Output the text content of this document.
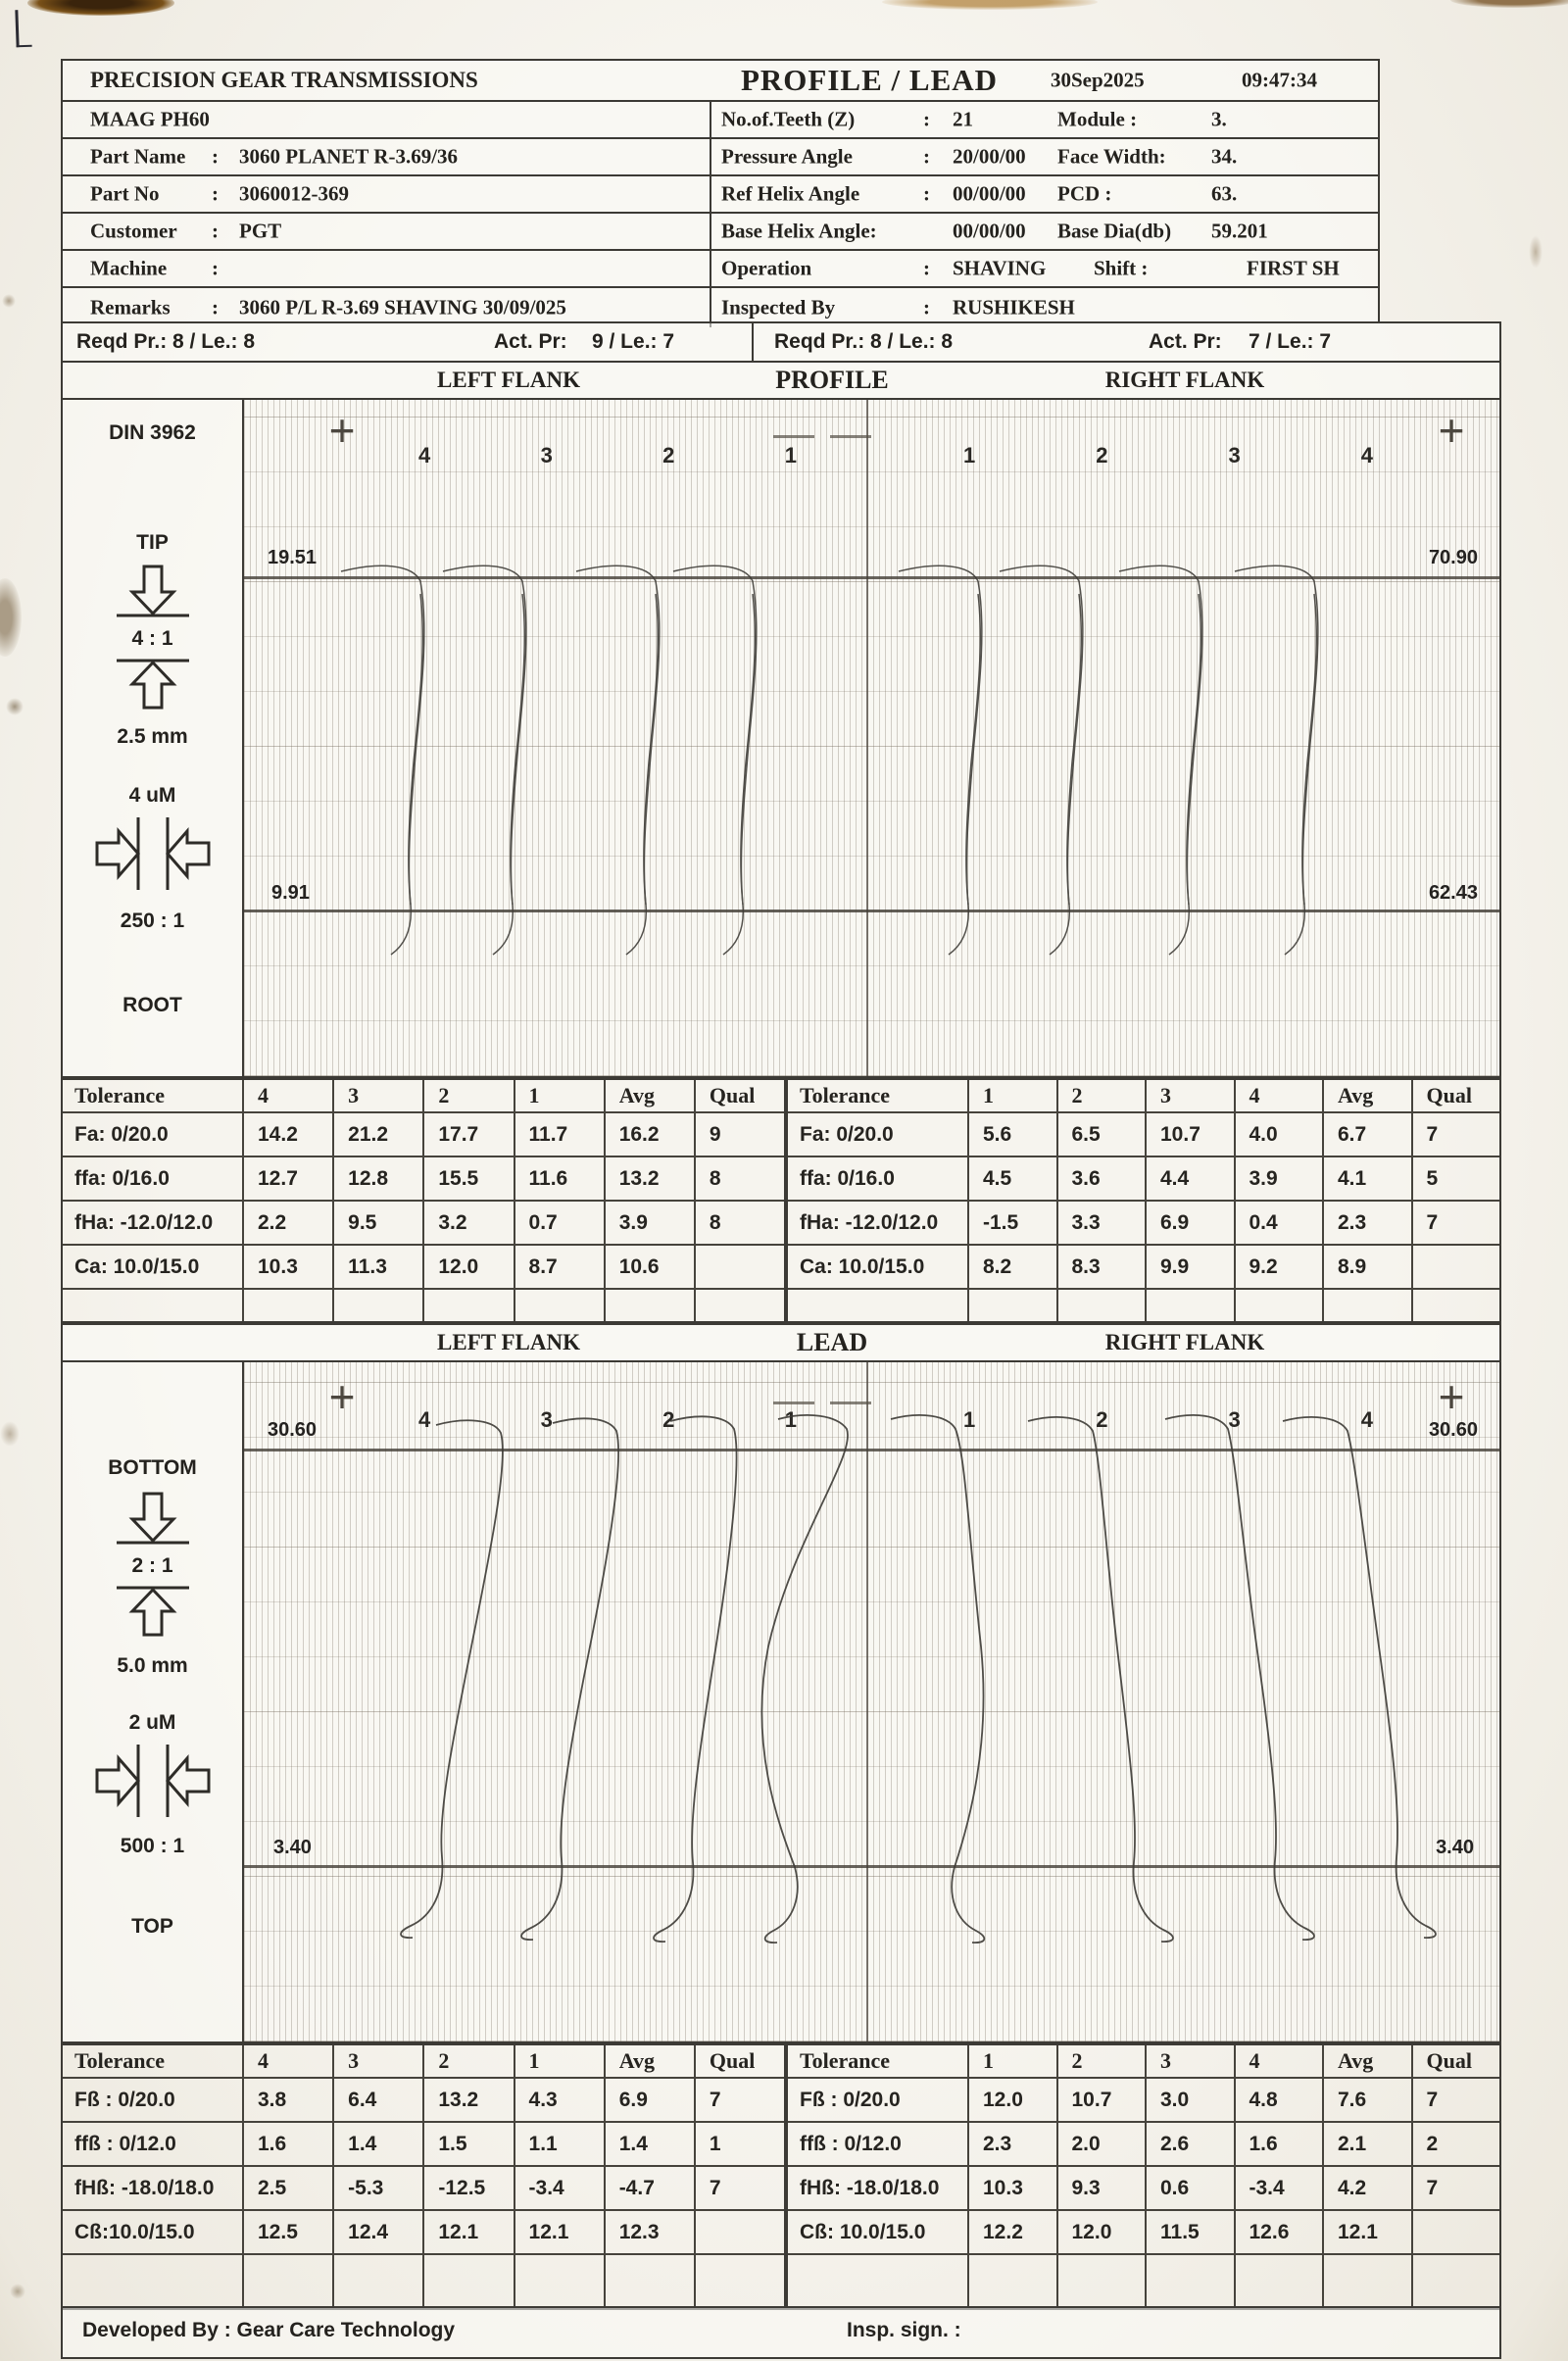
PRECISION GEAR TRANSMISSIONS	PROFILE / LEAD	30Sep2025	09:47:34
MAAG PH60	No.of.Teeth (Z)	: 21	Module :	3.
Part Name : 3060 PLANET R-3.69/36	Pressure Angle	: 20/00/00 Face Width: 34.
Part No	: 3060012-369	Ref Helix Angle	: 00/00/00 PCD :	63.
Customer : PGT	Base Helix Angle:	00/00/00 Base Dia(db) 59.201
Machine :	Operation	: SHAVING Shift :	FIRST SH
Remarks : 3060 P/L R-3.69 SHAVING 30/09/025	Inspected By	: RUSHIKESH
Reqd Pr.: 8 / Le.: 8	Act. Pr: 9 / Le.: 7	Reqd Pr.: 8 / Le.: 8	Act. Pr: 7 / Le.: 7
LEFT FLANK	PROFILE	RIGHT FLANK
DIN 3962
TIP
4 : 1
2.5 mm
4 uM
250 : 1
ROOT
+	+
4	3	2	1	1	2	3	4
19.51	70.90
9.91	62.43
Tolerance	4	3	2	1	Avg	Qual
Fa: 0/20.0	14.2	21.2	17.7	11.7	16.2	9
ffa: 0/16.0	12.7	12.8	15.5	11.6	13.2	8
fHa: -12.0/12.0	2.2	9.5	3.2	0.7	3.9	8
Ca: 10.0/15.0	10.3	11.3	12.0	8.7	10.6
Tolerance	1	2	3	4	Avg	Qual
Fa: 0/20.0	5.6	6.5	10.7	4.0	6.7	7
ffa: 0/16.0	4.5	3.6	4.4	3.9	4.1	5
fHa: -12.0/12.0	-1.5	3.3	6.9	0.4	2.3	7
Ca: 10.0/15.0	8.2	8.3	9.9	9.2	8.9
LEFT FLANK	LEAD	RIGHT FLANK
BOTTOM
2 : 1
5.0 mm
2 uM
500 : 1
TOP
+	+
4	3	2	1	1	2	3	4
30.60	30.60
3.40	3.40
Tolerance	4	3	2	1	Avg	Qual
Fß : 0/20.0	3.8	6.4	13.2	4.3	6.9	7
ffß : 0/12.0	1.6	1.4	1.5	1.1	1.4	1
fHß: -18.0/18.0	2.5	-5.3	-12.5	-3.4	-4.7	7
Cß:10.0/15.0	12.5	12.4	12.1	12.1	12.3
Tolerance	1	2	3	4	Avg	Qual
Fß : 0/20.0	12.0	10.7	3.0	4.8	7.6	7
ffß : 0/12.0	2.3	2.0	2.6	1.6	2.1	2
fHß: -18.0/18.0	10.3	9.3	0.6	-3.4	4.2	7
Cß: 10.0/15.0	12.2	12.0	11.5	12.6	12.1
Developed By : Gear Care Technology	Insp. sign. :
